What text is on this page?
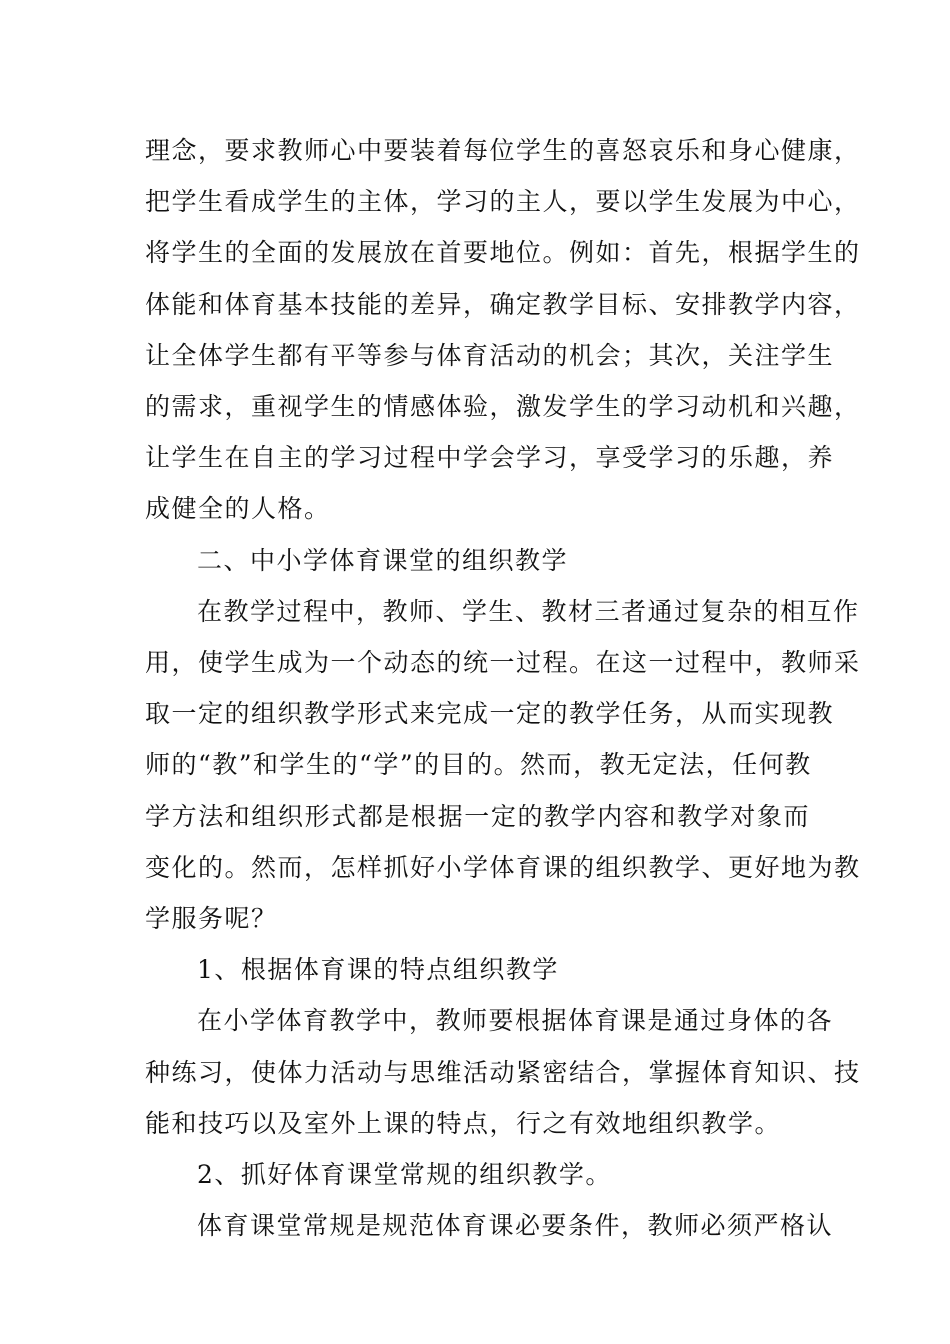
理念，要求教师心中要装着每位学生的喜怒哀乐和身心健康，
把学生看成学生的主体，学习的主人，要以学生发展为中心，
将学生的全面的发展放在首要地位。例如：首先，根据学生的
体能和体育基本技能的差异，确定教学目标、安排教学内容，
让全体学生都有平等参与体育活动的机会；其次，关注学生
的需求，重视学生的情感体验，激发学生的学习动机和兴趣，
让学生在自主的学习过程中学会学习，享受学习的乐趣，养
成健全的人格。

二、中小学体育课堂的组织教学

在教学过程中，教师、学生、教材三者通过复杂的相互作
用，使学生成为一个动态的统一过程。在这一过程中，教师采
取一定的组织教学形式来完成一定的教学任务，从而实现教
师的“教”和学生的“学”的目的。然而，教无定法，任何教
学方法和组织形式都是根据一定的教学内容和教学对象而
变化的。然而，怎样抓好小学体育课的组织教学、更好地为教
学服务呢？

1、根据体育课的特点组织教学

在小学体育教学中，教师要根据体育课是通过身体的各
种练习，使体力活动与思维活动紧密结合，掌握体育知识、技
能和技巧以及室外上课的特点，行之有效地组织教学。

2、抓好体育课堂常规的组织教学。

体育课堂常规是规范体育课必要条件，教师必须严格认
